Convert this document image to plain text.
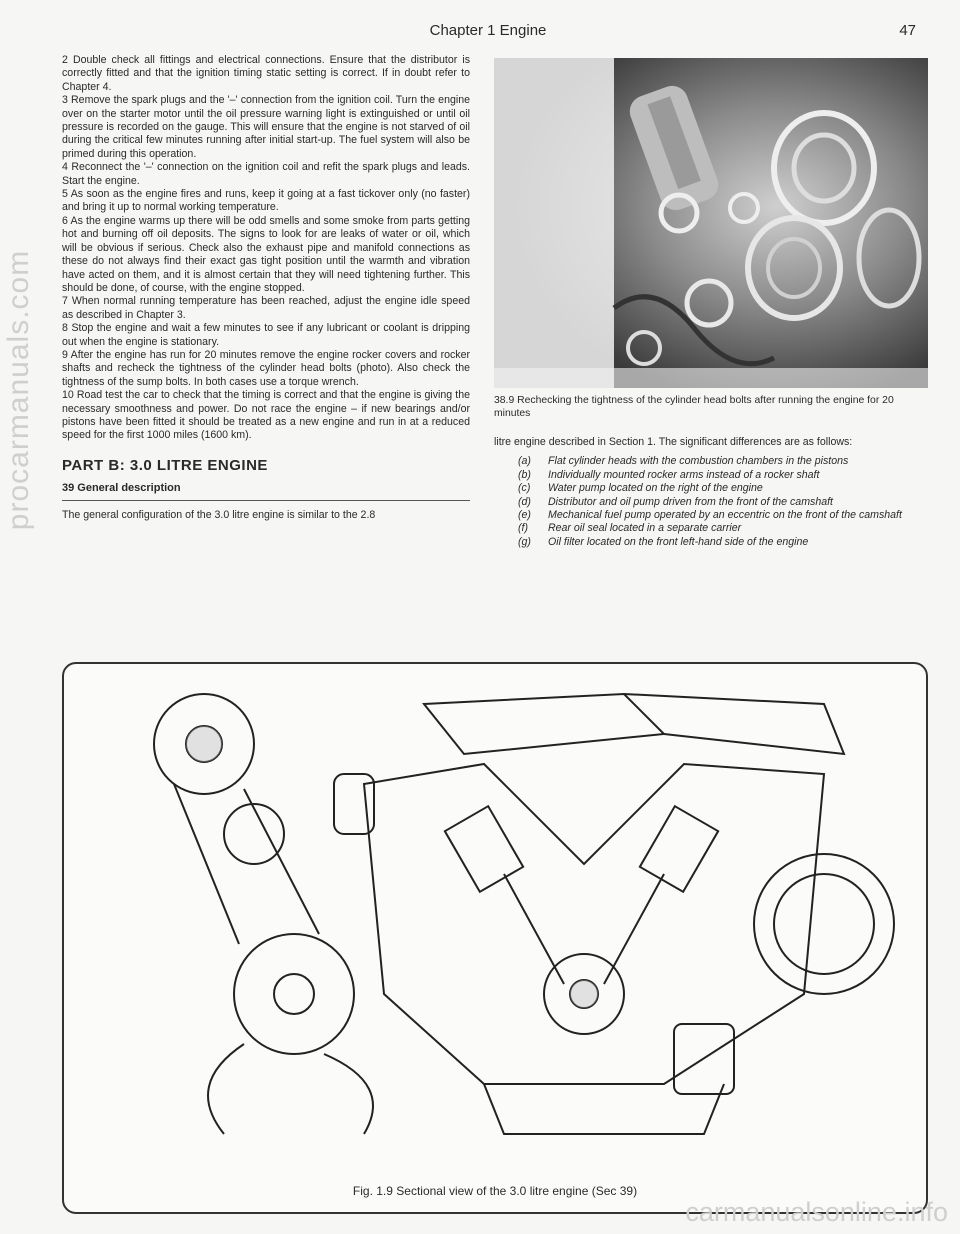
procarmanuals.com
Chapter 1 Engine	47

2 Double check all fittings and electrical connections. Ensure that the distributor is correctly fitted and that the ignition timing static setting is correct. If in doubt refer to Chapter 4.

3 Remove the spark plugs and the '–' connection from the ignition coil. Turn the engine over on the starter motor until the oil pressure warning light is extinguished or until oil pressure is recorded on the gauge. This will ensure that the engine is not starved of oil during the critical few minutes running after initial start-up. The fuel system will also be primed during this operation.

4 Reconnect the '–' connection on the ignition coil and refit the spark plugs and leads. Start the engine.

5 As soon as the engine fires and runs, keep it going at a fast tickover only (no faster) and bring it up to normal working temperature.

6 As the engine warms up there will be odd smells and some smoke from parts getting hot and burning off oil deposits. The signs to look for are leaks of water or oil, which will be obvious if serious. Check also the exhaust pipe and manifold connections as these do not always find their exact gas tight position until the warmth and vibration have acted on them, and it is almost certain that they will need tightening further. This should be done, of course, with the engine stopped.

7 When normal running temperature has been reached, adjust the engine idle speed as described in Chapter 3.

8 Stop the engine and wait a few minutes to see if any lubricant or coolant is dripping out when the engine is stationary.

9 After the engine has run for 20 minutes remove the engine rocker covers and rocker shafts and recheck the tightness of the cylinder head bolts (photo). Also check the tightness of the sump bolts. In both cases use a torque wrench.

10 Road test the car to check that the timing is correct and that the engine is giving the necessary smoothness and power. Do not race the engine – if new bearings and/or pistons have been fitted it should be treated as a new engine and run in at a reduced speed for the first 1000 miles (1600 km).

PART B: 3.0 LITRE ENGINE

39 General description

The general configuration of the 3.0 litre engine is similar to the 2.8

38.9 Rechecking the tightness of the cylinder head bolts after running the engine for 20 minutes

litre engine described in Section 1. The significant differences are as follows:

(a)	Flat cylinder heads with the combustion chambers in the pistons
(b)	Individually mounted rocker arms instead of a rocker shaft
(c)	Water pump located on the right of the engine
(d)	Distributor and oil pump driven from the front of the camshaft
(e)	Mechanical fuel pump operated by an eccentric on the front of the camshaft
(f)	Rear oil seal located in a separate carrier
(g)	Oil filter located on the front left-hand side of the engine
Fig. 1.9 Sectional view of the 3.0 litre engine (Sec 39)
carmanualsonline.info
